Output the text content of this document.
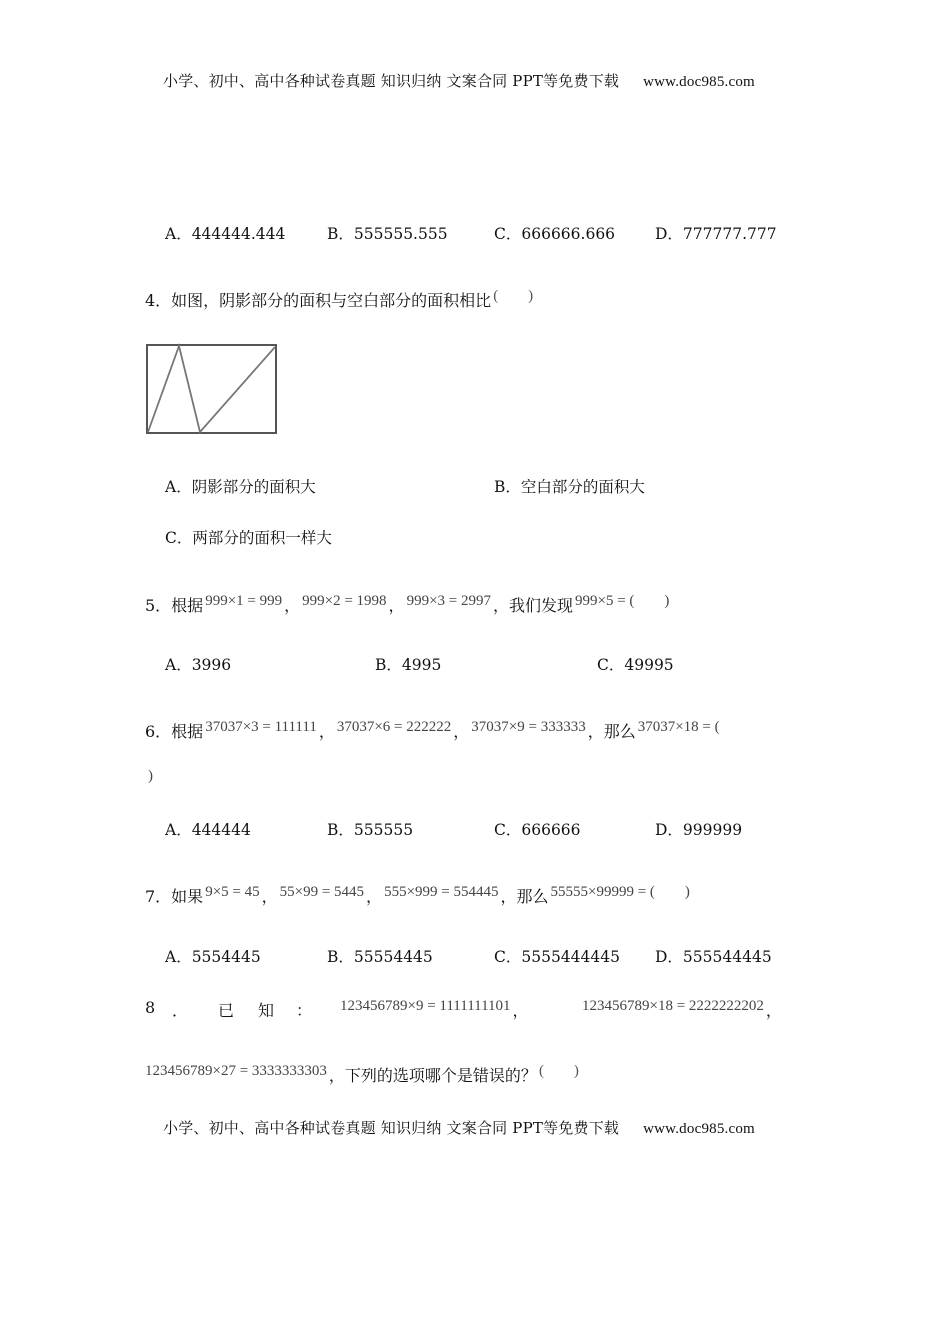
小学、初中、高中各种试卷真题 知识归纳 文案合同 PPT等免费下载 www.doc985.com
A．444444.444	B．555555.555	C．666666.666	D．777777.777
4．如图，阴影部分的面积与空白部分的面积相比 (　　)
A．阴影部分的面积大	B．空白部分的面积大
C．两部分的面积一样大
5．根据 999×1 = 999 ， 999×2 = 1998 ， 999×3 = 2997 ，我们发现 999×5 = (　　)
A．3996	B．4995	C．49995
6．根据 37037×3 = 111111 ， 37037×6 = 222222 ， 37037×9 = 333333 ，那么 37037×18 = (
)
A．444444	B．555555	C．666666	D．999999
7．如果 9×5 = 45 ， 55×99 = 5445 ， 555×999 = 554445 ，那么 55555×99999 = (　　)
A．5554445	B．55554445	C．5555444445 D．555544445
8 ． 已 知 ： 123456789×9 = 1111111101 ，	123456789×18 = 2222222202 ，
123456789×27 = 3333333303 ，下列的选项哪个是错误的？ (　　)
小学、初中、高中各种试卷真题 知识归纳 文案合同 PPT等免费下载 www.doc985.com
